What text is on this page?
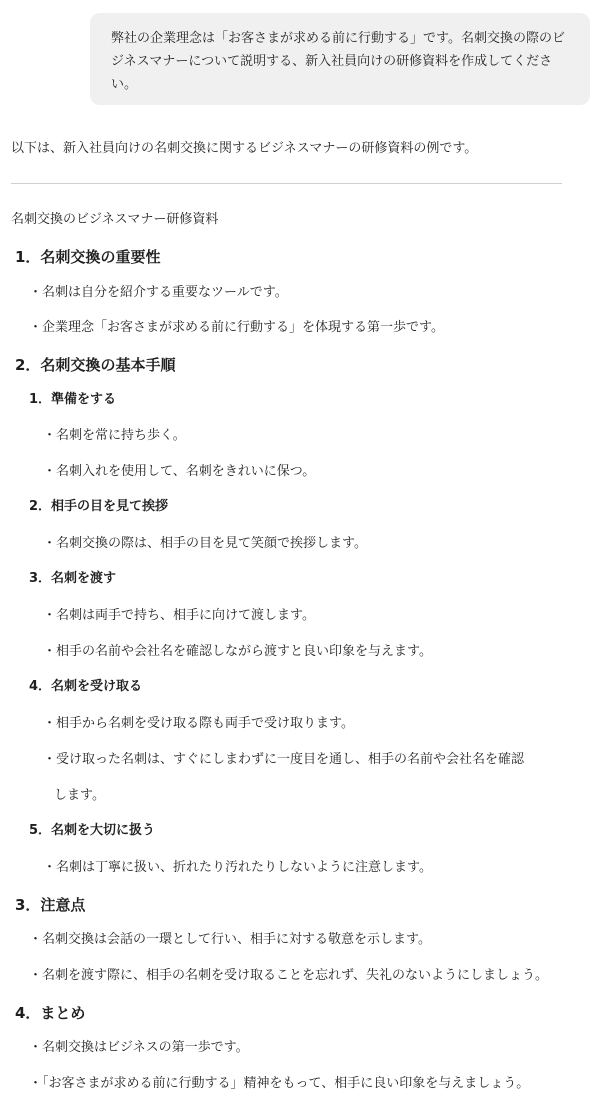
弊社の企業理念は「お客さまが求める前に行動する」です。名刺交換の際のビジネスマナーについて説明する、新入社員向けの研修資料を作成してください。
以下は、新入社員向けの名刺交換に関するビジネスマナーの研修資料の例です。
名刺交換のビジネスマナー研修資料
1．名刺交換の重要性
・名刺は自分を紹介する重要なツールです。
・企業理念「お客さまが求める前に行動する」を体現する第一歩です。
2．名刺交換の基本手順
1．準備をする
・名刺を常に持ち歩く。
・名刺入れを使用して、名刺をきれいに保つ。
2．相手の目を見て挨拶
・名刺交換の際は、相手の目を見て笑顔で挨拶します。
3．名刺を渡す
・名刺は両手で持ち、相手に向けて渡します。
・相手の名前や会社名を確認しながら渡すと良い印象を与えます。
4．名刺を受け取る
・相手から名刺を受け取る際も両手で受け取ります。
・受け取った名刺は、すぐにしまわずに一度目を通し、相手の名前や会社名を確認
します。
5．名刺を大切に扱う
・名刺は丁寧に扱い、折れたり汚れたりしないように注意します。
3．注意点
・名刺交換は会話の一環として行い、相手に対する敬意を示します。
・名刺を渡す際に、相手の名刺を受け取ることを忘れず、失礼のないようにしましょう。
4．まとめ
・名刺交換はビジネスの第一歩です。
・「お客さまが求める前に行動する」精神をもって、相手に良い印象を与えましょう。
